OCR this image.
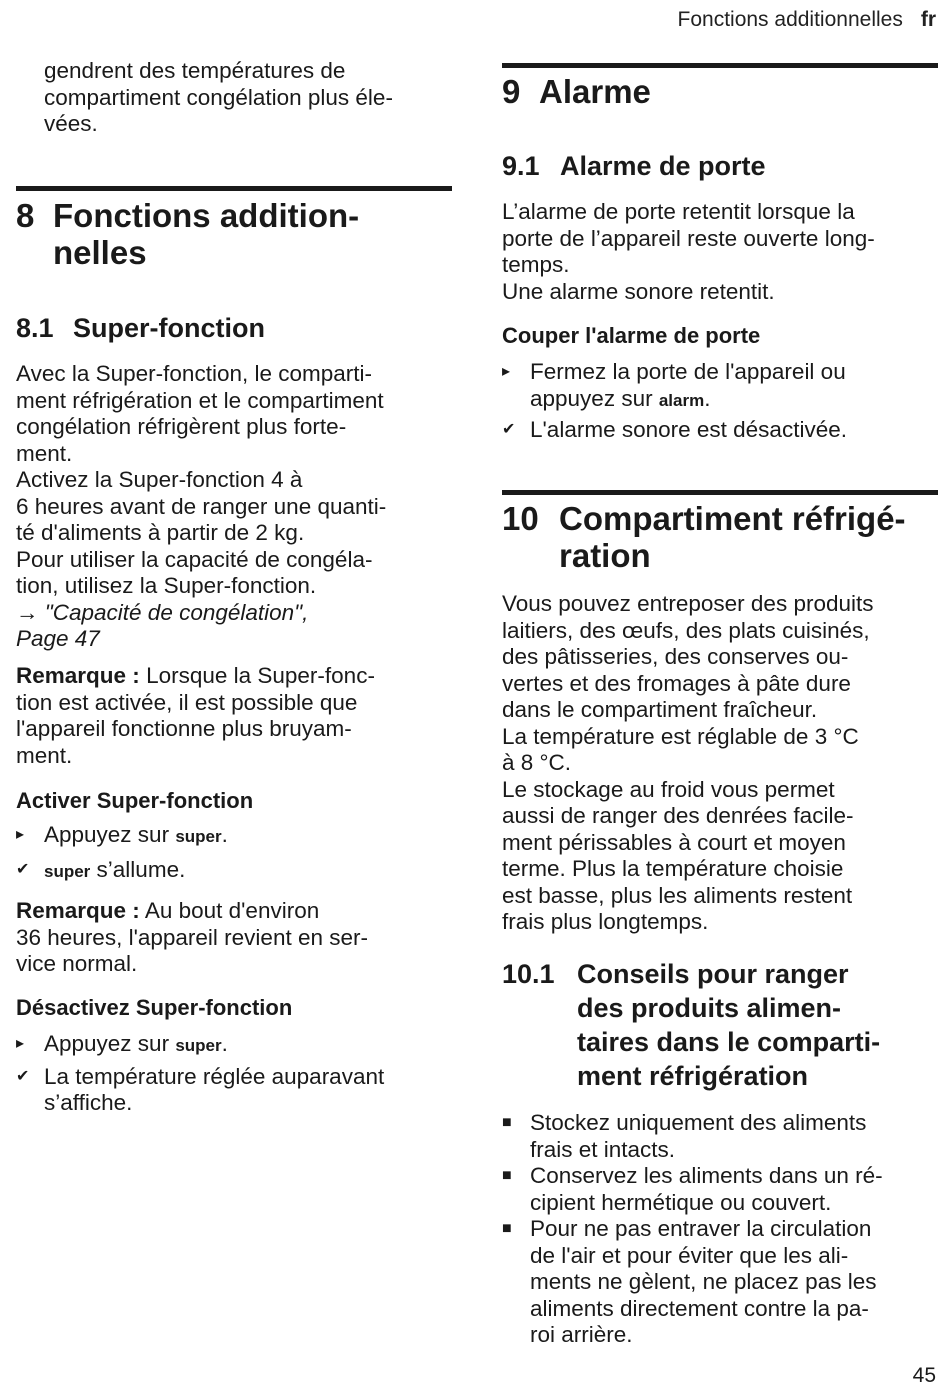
Fonctions additionnelles fr

gendrent des températures de

compartiment congélation plus éle-

vées.

8 Fonctions addition-
nelles
8.1 Super-fonction

Avec la Super-fonction, le comparti-

ment réfrigération et le compartiment

congélation réfrigèrent plus forte-

ment.

Activez la Super-fonction 4 à

6 heures avant de ranger une quanti-

té d'aliments à partir de 2 kg.

Pour utiliser la capacité de congéla-

tion, utilisez la Super-fonction.

→ "Capacité de congélation",

Page 47

Remarque : Lorsque la Super-fonc-

tion est activée, il est possible que

l'appareil fonctionne plus bruyam-

ment.

Activer Super-fonction
▸ Appuyez sur super.
✔ super s’allume.

Remarque : Au bout d'environ

36 heures, l'appareil revient en ser-

vice normal.

Désactivez Super-fonction
▸ Appuyez sur super.
✔ La température réglée auparavant
s’affiche.
9 Alarme
9.1 Alarme de porte

L’alarme de porte retentit lorsque la

porte de l’appareil reste ouverte long-

temps.

Une alarme sonore retentit.

Couper l'alarme de porte
▸ Fermez la porte de l'appareil ou
appuyez sur alarm.
✔ L'alarme sonore est désactivée.
10 Compartiment réfrigé-
ration

Vous pouvez entreposer des produits

laitiers, des œufs, des plats cuisinés,

des pâtisseries, des conserves ou-

vertes et des fromages à pâte dure

dans le compartiment fraîcheur.

La température est réglable de 3 °C

à 8 °C.

Le stockage au froid vous permet

aussi de ranger des denrées facile-

ment périssables à court et moyen

terme. Plus la température choisie

est basse, plus les aliments restent

frais plus longtemps.

10.1 Conseils pour ranger
des produits alimen-
taires dans le comparti-
ment réfrigération
■ Stockez uniquement des aliments
frais et intacts.
■ Conservez les aliments dans un ré-
cipient hermétique ou couvert.
■ Pour ne pas entraver la circulation
de l'air et pour éviter que les ali-
ments ne gèlent, ne placez pas les
aliments directement contre la pa-
roi arrière.
45
